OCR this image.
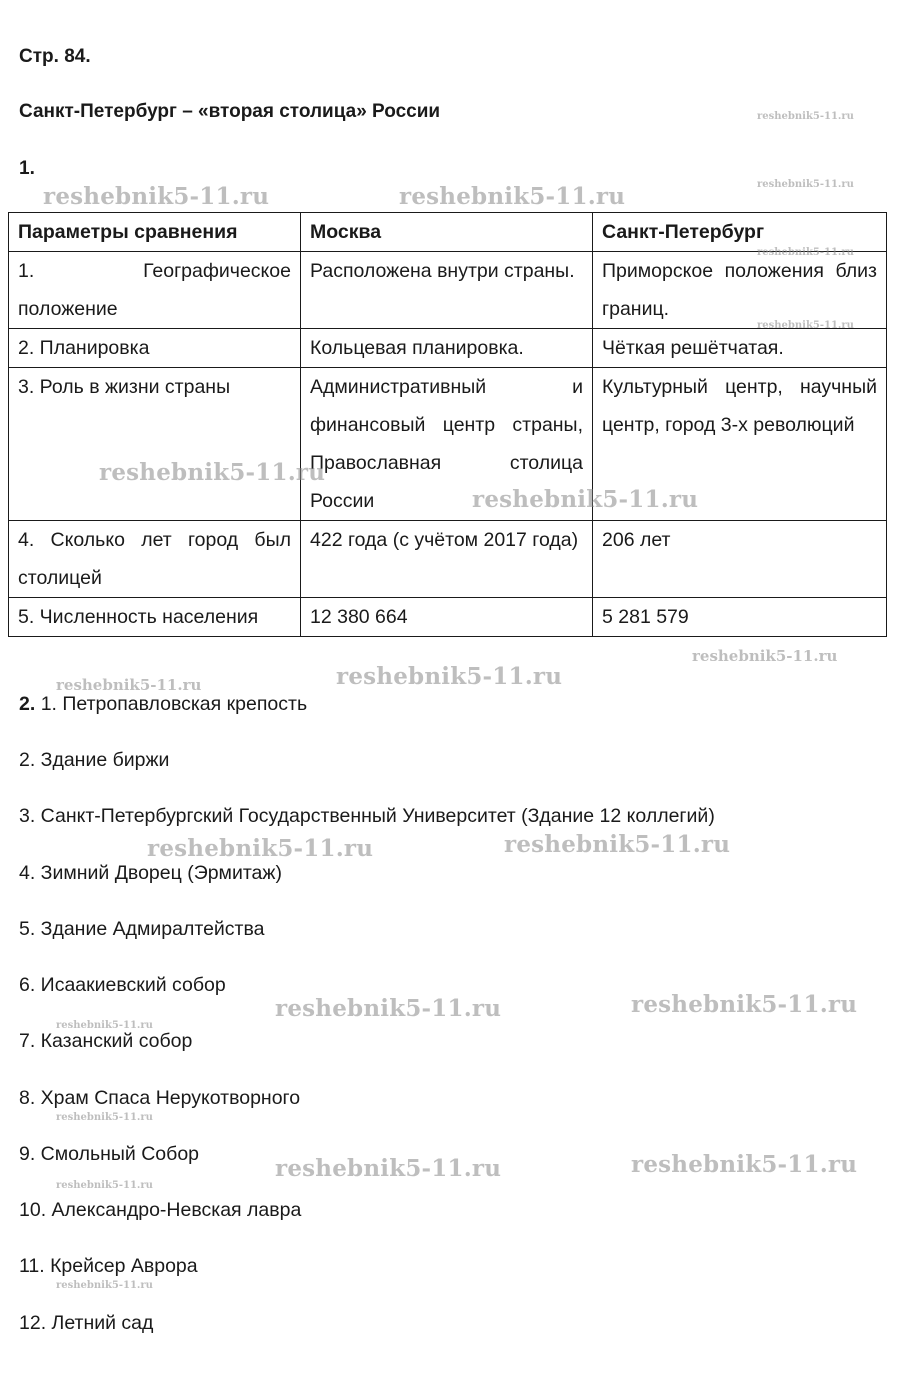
Стр. 84.
Санкт-Петербург – «вторая столица» России
1.
Параметры сравнения	Москва	Санкт-Петербург
1. Географическое положение	Расположена внутри страны.	Приморское положения близ границ.
2. Планировка	Кольцевая планировка.	Чёткая решётчатая.
3. Роль в жизни страны	Административный и финансовый центр страны, Православная столица России	Культурный центр, научный центр, город 3-х революций
4. Сколько лет город был столицей	422 года (с учётом 2017 года)	206 лет
5. Численность населения	12 380 664	5 281 579
2. 1. Петропавловская крепость
2. Здание биржи
3. Санкт-Петербургский Государственный Университет (Здание 12 коллегий)
4. Зимний Дворец (Эрмитаж)
5. Здание Адмиралтейства
6. Исаакиевский собор
7. Казанский собор
8. Храм Спаса Нерукотворного
9. Смольный Собор
10. Александро-Невская лавра
11. Крейсер Аврора
12. Летний сад
reshebnik5-11.ru
reshebnik5-11.ru	reshebnik5-11.ru	reshebnik5-11.ru
reshebnik5-11.ru
reshebnik5-11.ru
reshebnik5-11.ru
reshebnik5-11.ru
reshebnik5-11.ru
reshebnik5-11.ru
reshebnik5-11.ru
reshebnik5-11.ru	reshebnik5-11.ru
reshebnik5-11.ru	reshebnik5-11.ru
reshebnik5-11.ru
reshebnik5-11.ru
reshebnik5-11.ru	reshebnik5-11.ru
reshebnik5-11.ru
reshebnik5-11.ru
